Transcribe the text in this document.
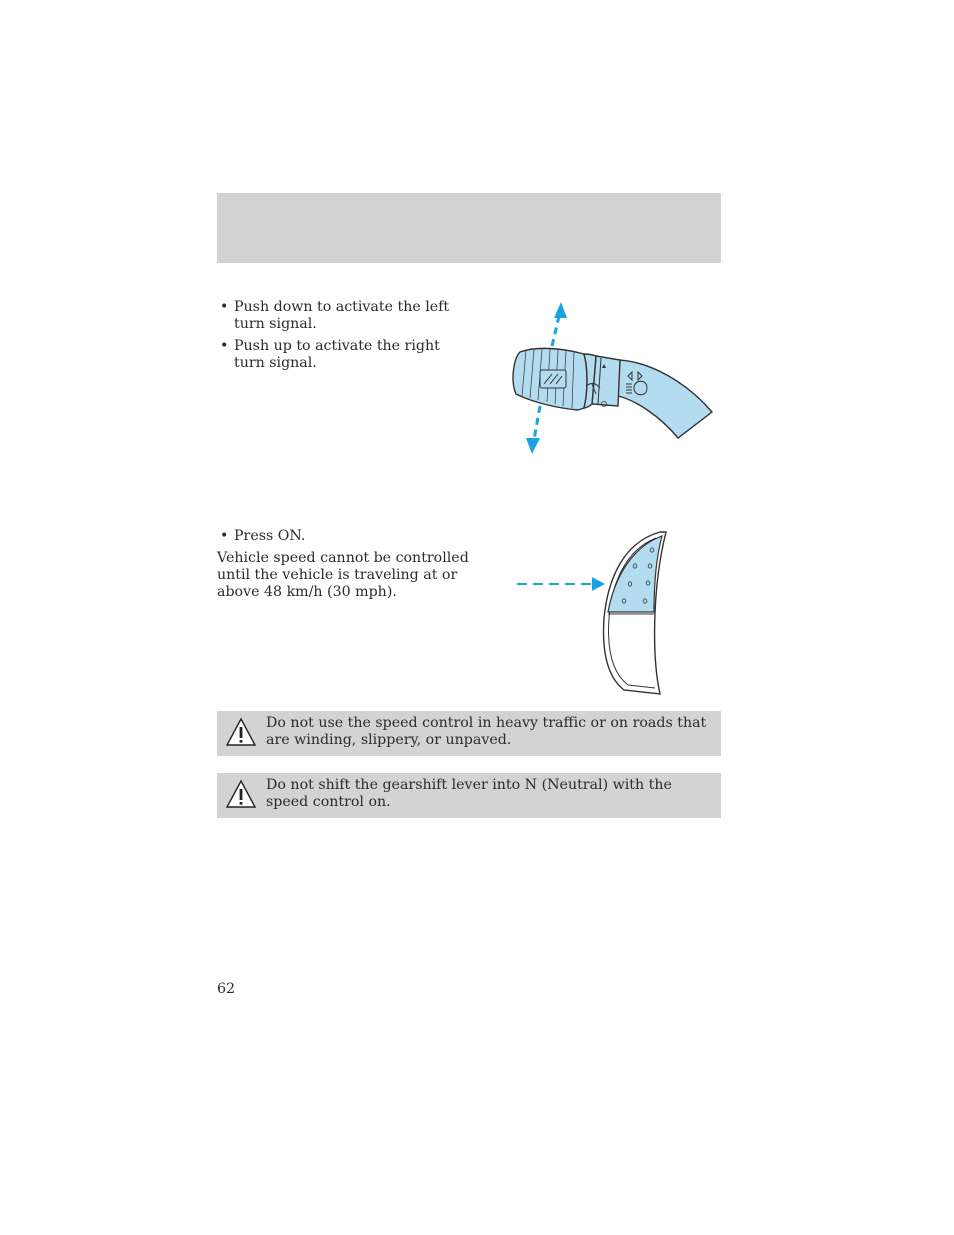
• Push down to activate the left turn signal.
• Push up to activate the right turn signal.
• Press ON.

Vehicle speed cannot be controlled until the vehicle is traveling at or above 48 km/h (30 mph).

Do not use the speed control in heavy traffic or on roads that are winding, slippery, or unpaved.
Do not shift the gearshift lever into N (Neutral) with the speed control on.
62
